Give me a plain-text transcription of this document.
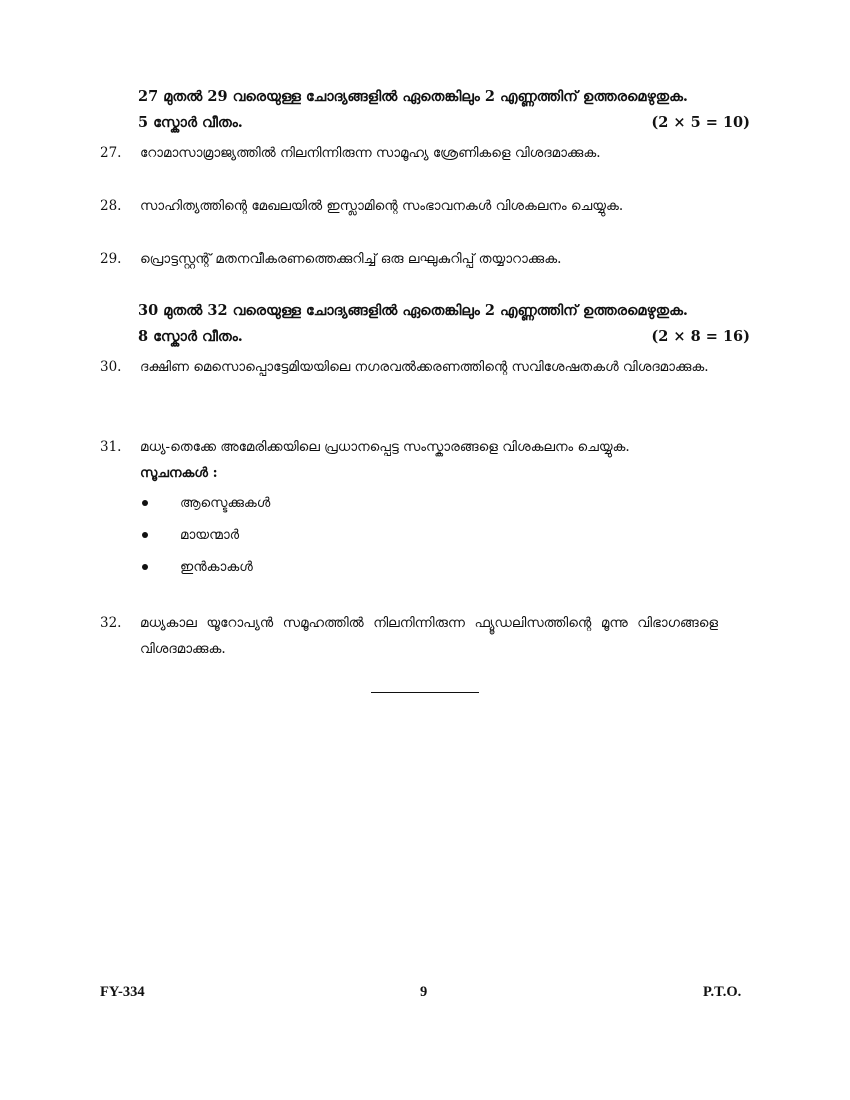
27 മുതൽ 29 വരെയുള്ള ചോദ്യങ്ങളിൽ ഏതെങ്കിലും 2 എണ്ണത്തിന് ഉത്തരമെഴുതുക.
5 സ്കോർ വീതം.	(2 × 5 = 10)
27.	റോമാസാമ്രാജ്യത്തിൽ നിലനിന്നിരുന്ന സാമൂഹ്യ ശ്രേണികളെ വിശദമാക്കുക.
28.	സാഹിത്യത്തിന്റെ മേഖലയിൽ ഇസ്ലാമിന്റെ സംഭാവനകൾ വിശകലനം ചെയ്യുക.
29.	പ്രൊട്ടസ്റ്റന്റ് മതനവീകരണത്തെക്കുറിച്ച് ഒരു ലഘുകുറിപ്പ് തയ്യാറാക്കുക.
30 മുതൽ 32 വരെയുള്ള ചോദ്യങ്ങളിൽ ഏതെങ്കിലും 2 എണ്ണത്തിന് ഉത്തരമെഴുതുക.
8 സ്കോർ വീതം.	(2 × 8 = 16)
30.	ദക്ഷിണ മെസൊപ്പൊട്ടേമിയയിലെ നഗരവൽക്കരണത്തിന്റെ സവിശേഷതകൾ വിശദമാക്കുക.
31.	മധ്യ-തെക്കേ അമേരിക്കയിലെ പ്രധാനപ്പെട്ട സംസ്കാരങ്ങളെ വിശകലനം ചെയ്യുക.
സൂചനകൾ :
ആസ്ടെക്കുകൾ
മായന്മാർ
ഇൻകാകൾ
32.	മധ്യകാല യൂറോപ്യൻ സമൂഹത്തിൽ നിലനിന്നിരുന്ന ഫ്യൂഡലിസത്തിന്റെ മൂന്നു വിഭാഗങ്ങളെ വിശദമാക്കുക.
FY-334	9	P.T.O.
